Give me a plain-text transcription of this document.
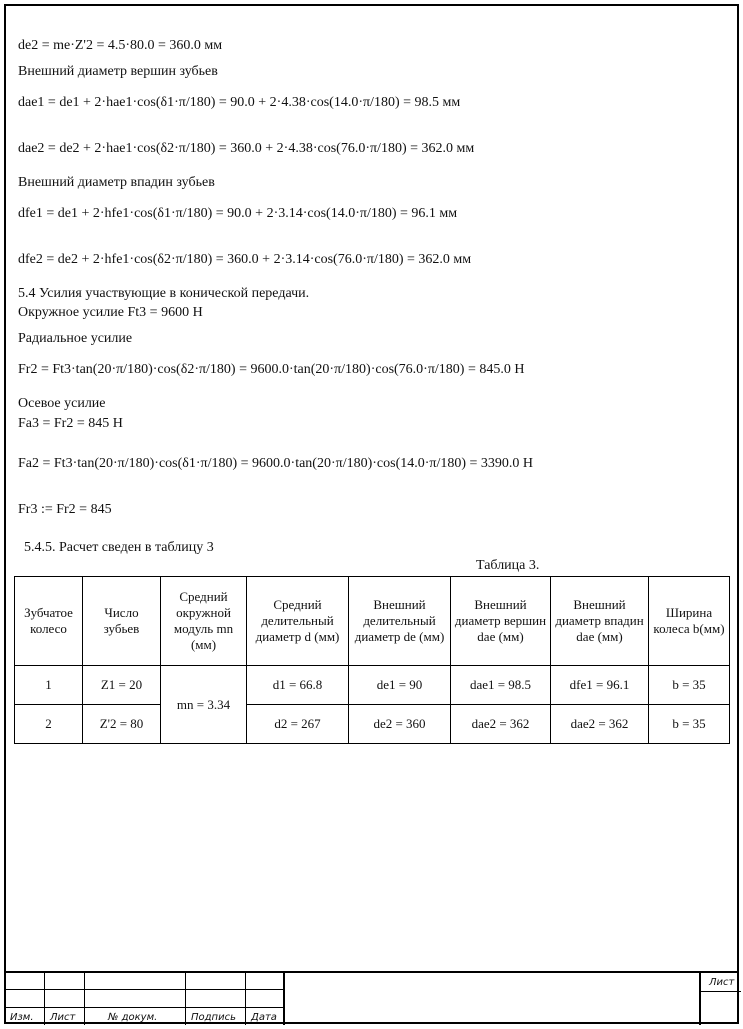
de2 = me·Z'2 = 4.5·80.0 = 360.0 мм
Внешний диаметр вершин зубьев
dae1 = de1 + 2·hae1·cos(δ1·π/180) = 90.0 + 2·4.38·cos(14.0·π/180) = 98.5 мм
dae2 = de2 + 2·hae1·cos(δ2·π/180) = 360.0 + 2·4.38·cos(76.0·π/180) = 362.0 мм
Внешний диаметр впадин зубьев
dfe1 = de1 + 2·hfe1·cos(δ1·π/180) = 90.0 + 2·3.14·cos(14.0·π/180) = 96.1 мм
dfe2 = de2 + 2·hfe1·cos(δ2·π/180) = 360.0 + 2·3.14·cos(76.0·π/180) = 362.0 мм
5.4 Усилия участвующие в конической передачи.
Окружное усилие Ft3 = 9600 Н
Радиальное усилие
Fr2 = Ft3·tan(20·π/180)·cos(δ2·π/180) = 9600.0·tan(20·π/180)·cos(76.0·π/180) = 845.0 Н
Осевое усилие
Fa3 = Fr2 = 845 Н
Fa2 = Ft3·tan(20·π/180)·cos(δ1·π/180) = 9600.0·tan(20·π/180)·cos(14.0·π/180) = 3390.0 Н
Fr3 := Fr2 = 845
5.4.5. Расчет сведен в таблицу 3
Таблица 3.
Зубчатое колесо	Число зубьев	Средний окружной модуль mn (мм)	Средний делительный диаметр d (мм)	Внешний делительный диаметр de (мм)	Внешний диаметр вершин dae (мм)	Внешний диаметр впадин dae (мм)	Ширина колеса b(мм)
1	Z1 = 20	mn = 3.34	d1 = 66.8	de1 = 90	dae1 = 98.5	dfe1 = 96.1	b = 35
2	Z'2 = 80		d2 = 267	de2 = 360	dae2 = 362	dae2 = 362	b = 35
Изм. Лист	№ докум.	Подпись Дата
Лист
